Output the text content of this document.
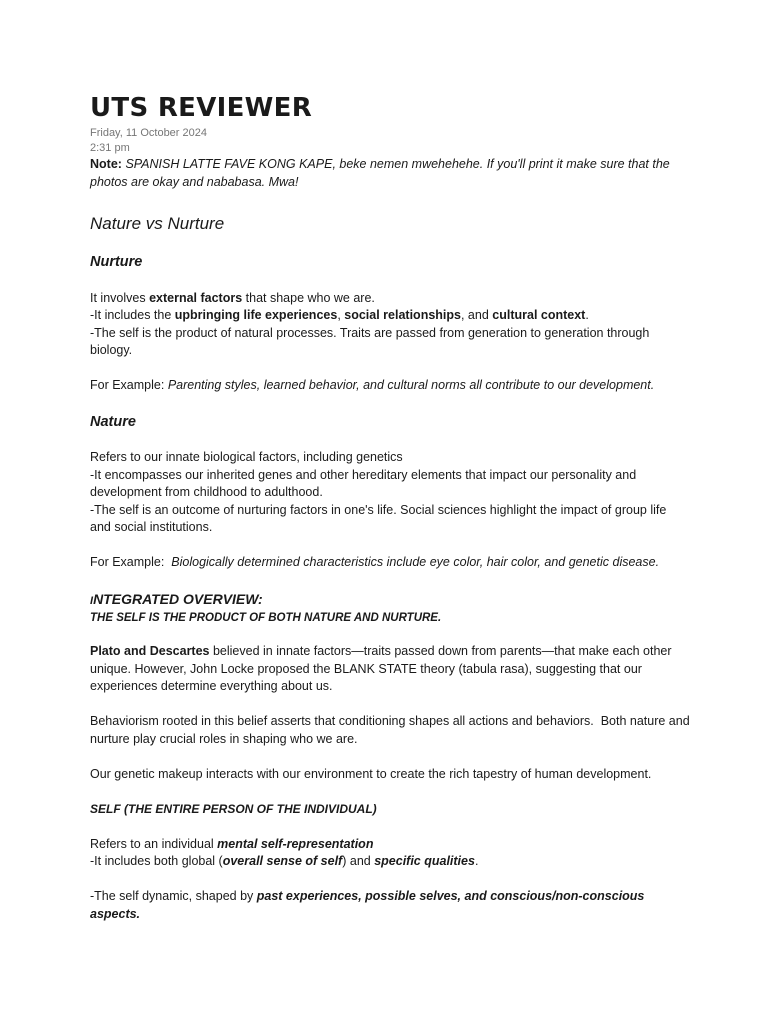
UTS REVIEWER
Friday, 11 October 2024
2:31 pm
Note: SPANISH LATTE FAVE KONG KAPE, beke nemen mwehehehe. If you'll print it make sure that the photos are okay and nababasa. Mwa!
Nature vs Nurture
Nurture
It involves external factors that shape who we are.
-It includes the upbringing life experiences, social relationships, and cultural context.
-The self is the product of natural processes. Traits are passed from generation to generation through biology.
For Example: Parenting styles, learned behavior, and cultural norms all contribute to our development.
Nature
Refers to our innate biological factors, including genetics
-It encompasses our inherited genes and other hereditary elements that impact our personality and development from childhood to adulthood.
-The self is an outcome of nurturing factors in one's life. Social sciences highlight the impact of group life and social institutions.
For Example:  Biologically determined characteristics include eye color, hair color, and genetic disease.
INTEGRATED OVERVIEW:
THE SELF IS THE PRODUCT OF BOTH NATURE AND NURTURE.
Plato and Descartes believed in innate factors—traits passed down from parents—that make each other unique. However, John Locke proposed the BLANK STATE theory (tabula rasa), suggesting that our experiences determine everything about us.
Behaviorism rooted in this belief asserts that conditioning shapes all actions and behaviors.  Both nature and nurture play crucial roles in shaping who we are.
Our genetic makeup interacts with our environment to create the rich tapestry of human development.
SELF (THE ENTIRE PERSON OF THE INDIVIDUAL)
Refers to an individual mental self-representation
-It includes both global (overall sense of self) and specific qualities.
-The self dynamic, shaped by past experiences, possible selves, and conscious/non-conscious aspects.
